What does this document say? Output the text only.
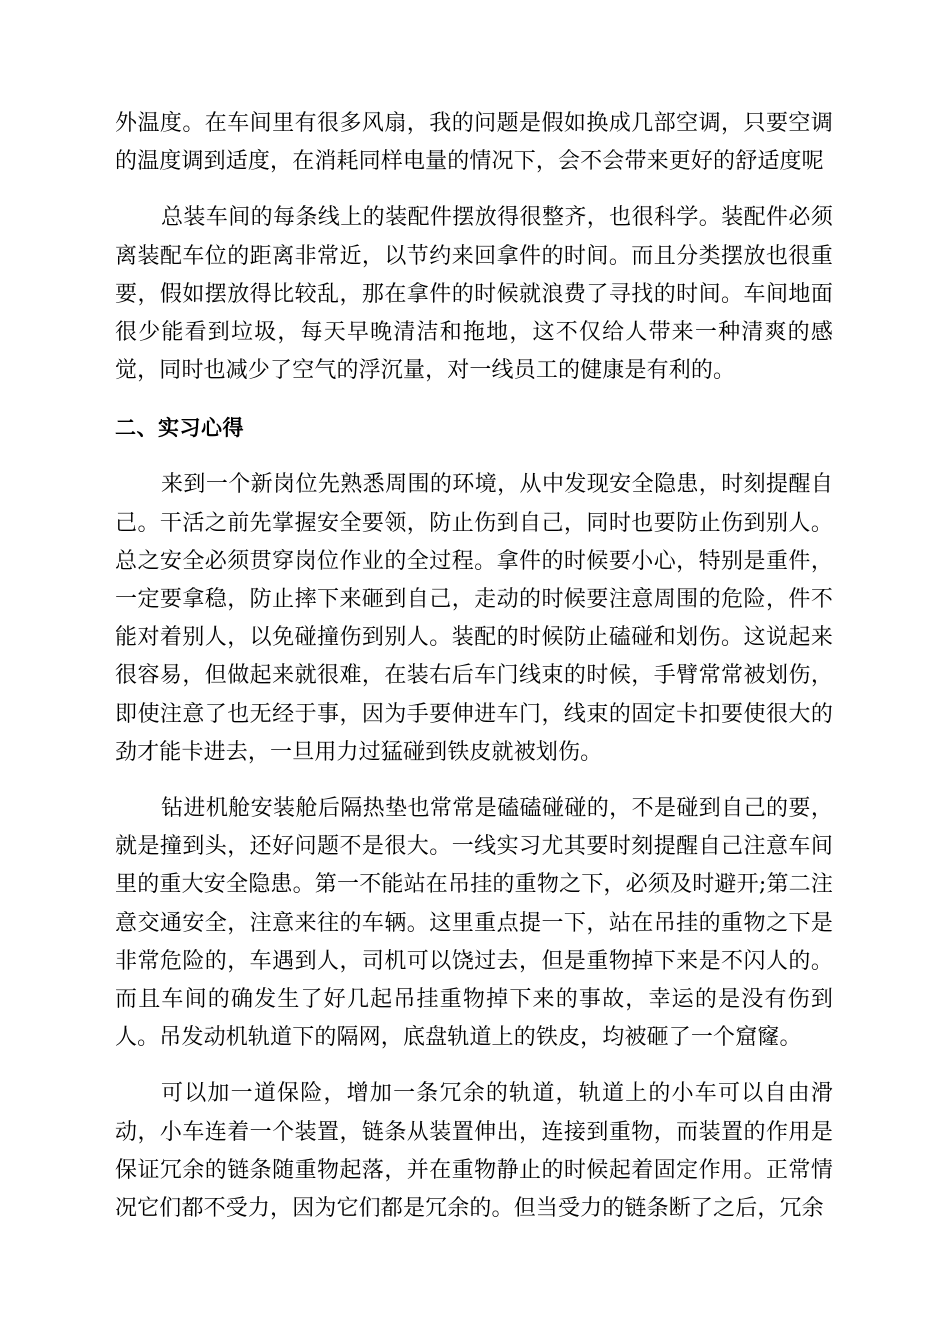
外温度。在车间里有很多风扇，我的问题是假如换成几部空调，只要空调的温度调到适度，在消耗同样电量的情况下，会不会带来更好的舒适度呢

总装车间的每条线上的装配件摆放得很整齐，也很科学。装配件必须离装配车位的距离非常近，以节约来回拿件的时间。而且分类摆放也很重要，假如摆放得比较乱，那在拿件的时候就浪费了寻找的时间。车间地面很少能看到垃圾，每天早晚清洁和拖地，这不仅给人带来一种清爽的感觉，同时也减少了空气的浮沉量，对一线员工的健康是有利的。

二、实习心得

来到一个新岗位先熟悉周围的环境，从中发现安全隐患，时刻提醒自己。干活之前先掌握安全要领，防止伤到自己，同时也要防止伤到别人。总之安全必须贯穿岗位作业的全过程。拿件的时候要小心，特别是重件，一定要拿稳，防止摔下来砸到自己，走动的时候要注意周围的危险，件不能对着别人，以免碰撞伤到别人。装配的时候防止磕碰和划伤。这说起来很容易，但做起来就很难，在装右后车门线束的时候，手臂常常被划伤，即使注意了也无经于事，因为手要伸进车门，线束的固定卡扣要使很大的劲才能卡进去，一旦用力过猛碰到铁皮就被划伤。

钻进机舱安装舱后隔热垫也常常是磕磕碰碰的，不是碰到自己的要，就是撞到头，还好问题不是很大。一线实习尤其要时刻提醒自己注意车间里的重大安全隐患。第一不能站在吊挂的重物之下，必须及时避开;第二注意交通安全，注意来往的车辆。这里重点提一下，站在吊挂的重物之下是非常危险的，车遇到人，司机可以饶过去，但是重物掉下来是不闪人的。而且车间的确发生了好几起吊挂重物掉下来的事故，幸运的是没有伤到人。吊发动机轨道下的隔网，底盘轨道上的铁皮，均被砸了一个窟窿。

可以加一道保险，增加一条冗余的轨道，轨道上的小车可以自由滑动，小车连着一个装置，链条从装置伸出，连接到重物，而装置的作用是保证冗余的链条随重物起落，并在重物静止的时候起着固定作用。正常情况它们都不受力，因为它们都是冗余的。但当受力的链条断了之后，冗余
